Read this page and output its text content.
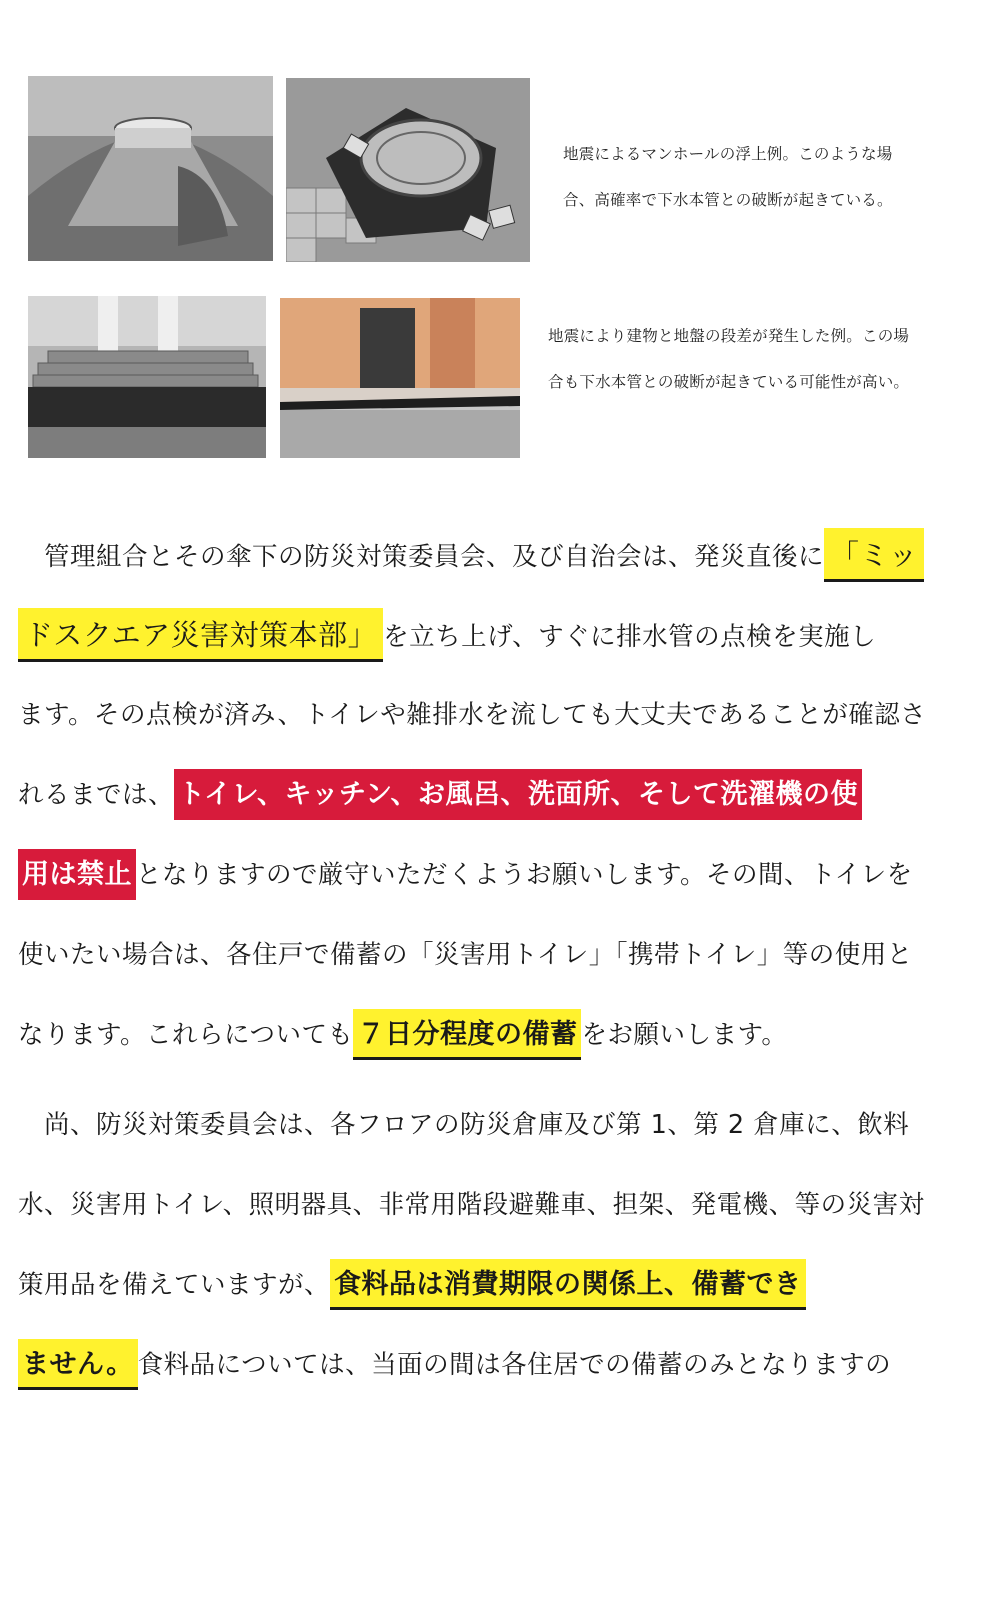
地震によるマンホールの浮上例。このような場
合、高確率で下水本管との破断が起きている。
地震により建物と地盤の段差が発生した例。この場
合も下水本管との破断が起きている可能性が高い。
管理組合とその傘下の防災対策委員会、及び自治会は、発災直後に 「ミッ
ドスクエア災害対策本部」 を立ち上げ、すぐに排水管の点検を実施し
ます。その点検が済み、トイレや雑排水を流しても大丈夫であることが確認さ
れるまでは、 トイレ、キッチン、お風呂、洗面所、そして洗濯機の使
用は禁止 となりますので厳守いただくようお願いします。その間、トイレを
使いたい場合は、各住戸で備蓄の「災害用トイレ」「携帯トイレ」等の使用と
なります。これらについても ７日分程度の備蓄 をお願いします。
尚、防災対策委員会は、各フロアの防災倉庫及び第 1、第 2 倉庫に、飲料
水、災害用トイレ、照明器具、非常用階段避難車、担架、発電機、等の災害対
策用品を備えていますが、 食料品は消費期限の関係上、備蓄でき
ません。 食料品については、当面の間は各住居での備蓄のみとなりますの
